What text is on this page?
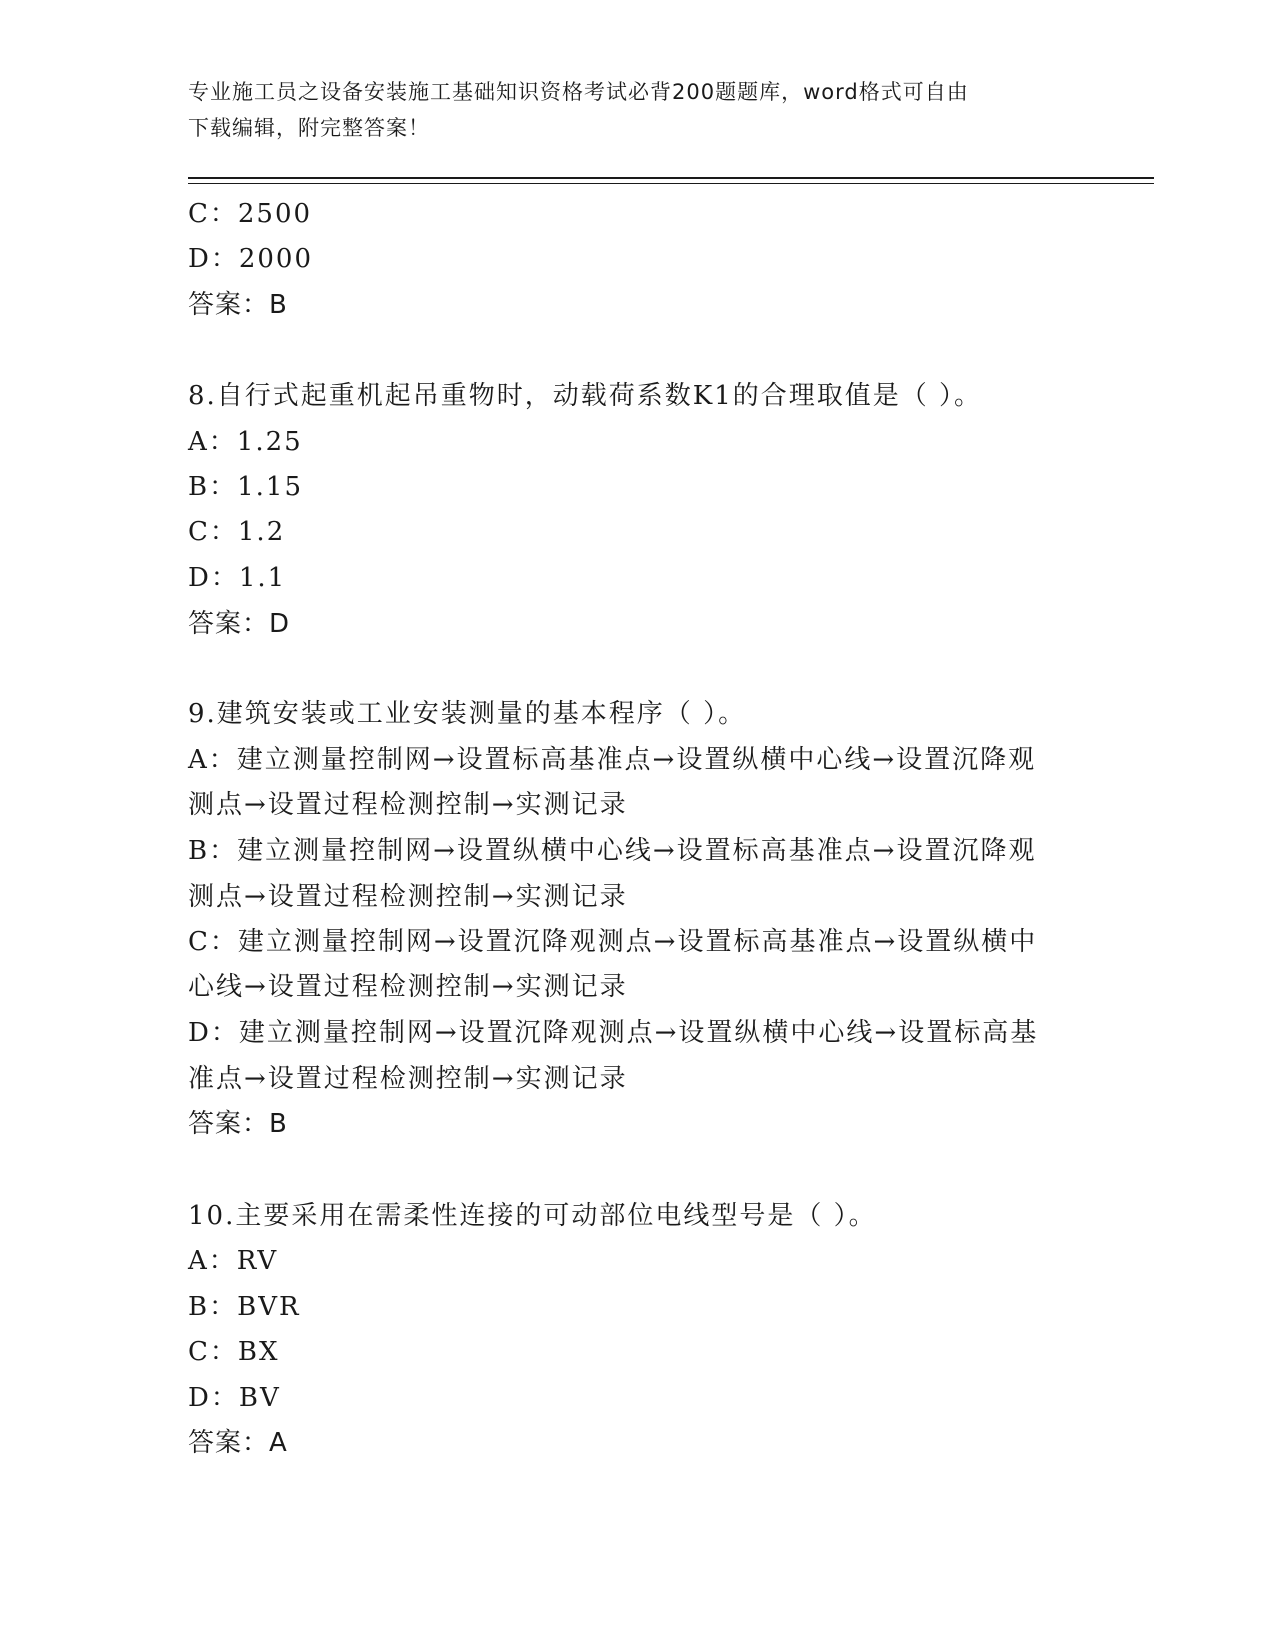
专业施工员之设备安装施工基础知识资格考试必背200题题库，word格式可自由
下载编辑，附完整答案！
C：2500
D：2000
答案：B
8.自行式起重机起吊重物时，动载荷系数K1的合理取值是（ ）。
A：1.25
B：1.15
C：1.2
D：1.1
答案：D
9.建筑安装或工业安装测量的基本程序（ ）。
A：建立测量控制网→设置标高基准点→设置纵横中心线→设置沉降观
测点→设置过程检测控制→实测记录
B：建立测量控制网→设置纵横中心线→设置标高基准点→设置沉降观
测点→设置过程检测控制→实测记录
C：建立测量控制网→设置沉降观测点→设置标高基准点→设置纵横中
心线→设置过程检测控制→实测记录
D：建立测量控制网→设置沉降观测点→设置纵横中心线→设置标高基
准点→设置过程检测控制→实测记录
答案：B
10.主要采用在需柔性连接的可动部位电线型号是（ ）。
A：RV
B：BVR
C：BX
D：BV
答案：A
